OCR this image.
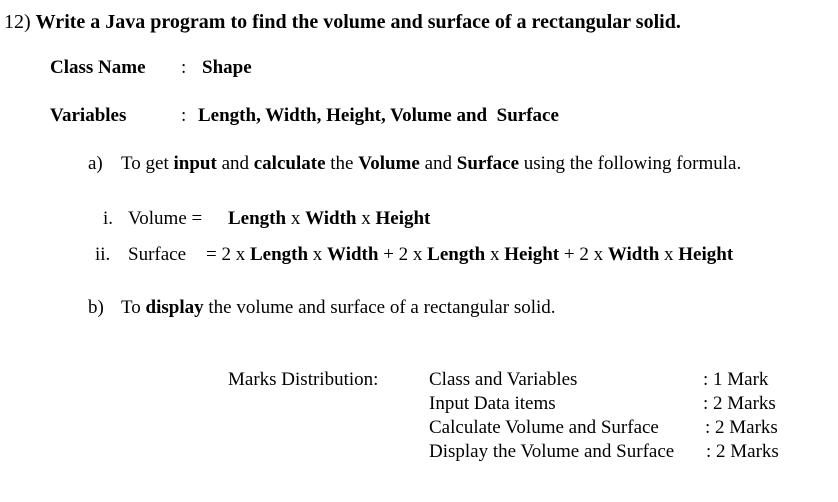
12) Write a Java program to find the volume and surface of a rectangular solid.
Class Name : Shape
Variables	: Length, Width, Height, Volume and  Surface
a) To get input and calculate the Volume and Surface using the following formula.
i. Volume = Length x Width x Height
ii. Surface = 2 x Length x Width + 2 x Length x Height + 2 x Width x Height
b) To display the volume and surface of a rectangular solid.
Marks Distribution:	Class and Variables	: 1 Mark
Input Data items	: 2 Marks
Calculate Volume and Surface : 2 Marks
Display the Volume and Surface : 2 Marks
